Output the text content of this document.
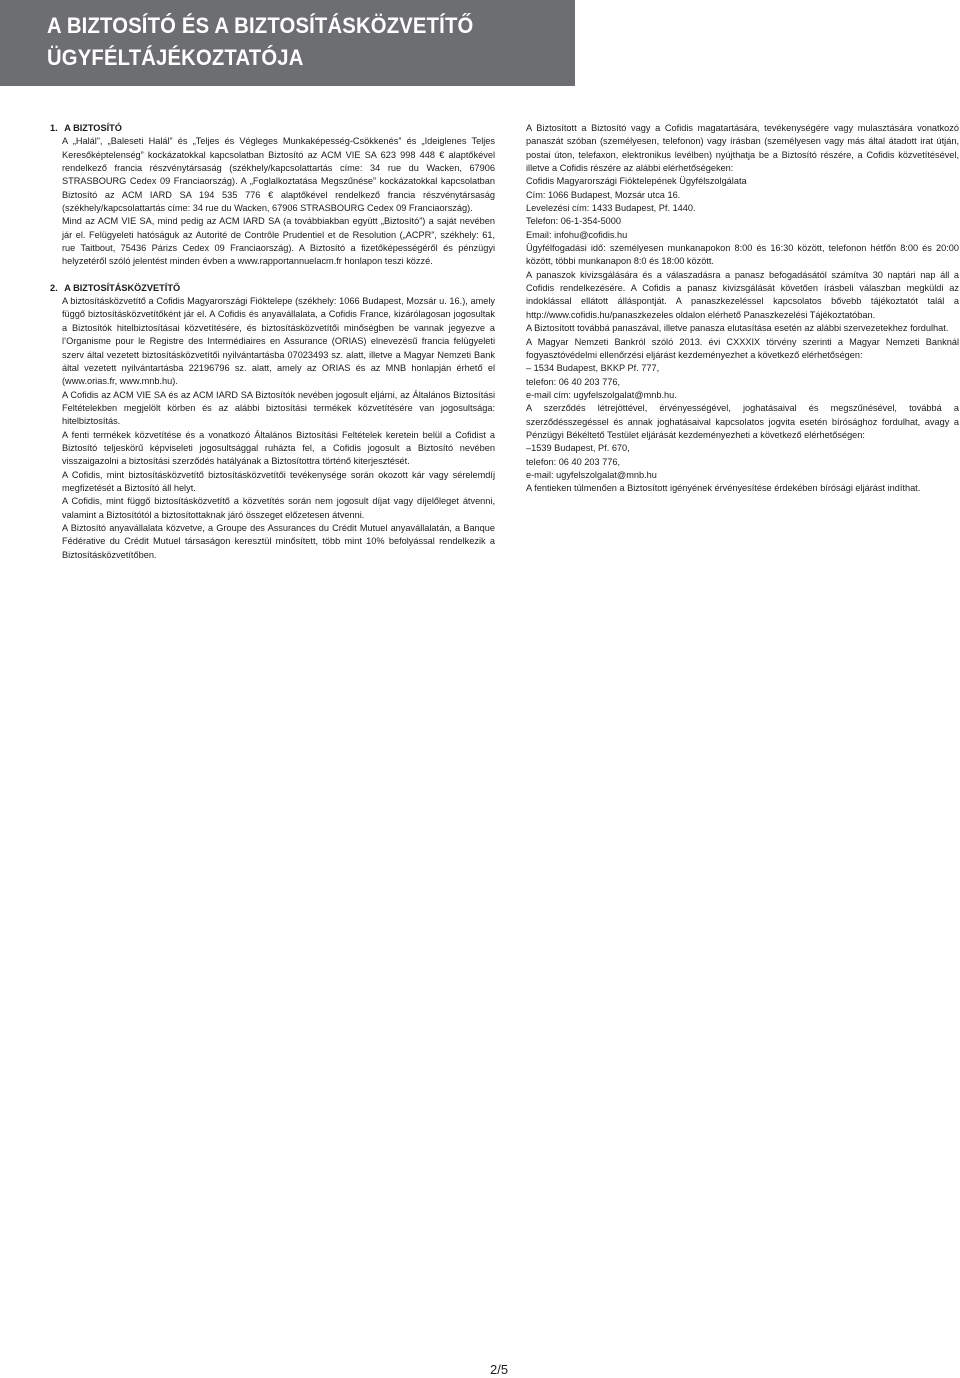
A BIZTOSÍTÓ ÉS A BIZTOSÍTÁSKÖZVETÍTŐ
ÜGYFÉLTÁJÉKOZTATÓJA

1. A BIZTOSÍTÓ

A „Halál”, „Baleseti Halál” és „Teljes és Végleges Munkaképesség-Csökkenés” és „Ideiglenes Teljes Keresőképtelenség” kockázatokkal kapcsolatban Biztosító az ACM VIE SA 623 998 448 € alaptőkével rendelkező francia részvénytársaság (székhely/kapcsolattartás címe: 34 rue du Wacken, 67906 STRASBOURG Cedex 09 Franciaország). A „Foglalkoztatása Megszűnése” kockázatokkal kapcsolatban Biztosító az ACM IARD SA 194 535 776 € alaptőkével rendelkező francia részvénytársaság (székhely/kapcsolattartás címe: 34 rue du Wacken, 67906 STRASBOURG Cedex 09 Franciaország).

Mind az ACM VIE SA, mind pedig az ACM IARD SA (a továbbiakban együtt „Biztosító”) a saját nevében jár el. Felügyeleti hatóságuk az Autorité de Contrôle Prudentiel et de Resolution („ACPR”, székhely: 61, rue Taitbout, 75436 Párizs Cedex 09 Franciaország). A Biztosító a fizetőképességéről és pénzügyi helyzetéről szóló jelentést minden évben a www.rapportannuelacm.fr honlapon teszi közzé.

2. A BIZTOSÍTÁSKÖZVETÍTŐ

A biztosításközvetítő a Cofidis Magyarországi Fióktelepe (székhely: 1066 Budapest, Mozsár u. 16.), amely függő biztosításközvetítőként jár el. A Cofidis és anyavállalata, a Cofidis France, kizárólagosan jogosultak a Biztosítók hitelbiztosításai közvetítésére, és biztosításközvetítői minőségben be vannak jegyezve a l’Organisme pour le Registre des Intermédiaires en Assurance (ORIAS) elnevezésű francia felügyeleti szerv által vezetett biztosításközvetítői nyilvántartásba 07023493 sz. alatt, illetve a Magyar Nemzeti Bank által vezetett nyilvántartásba 22196796 sz. alatt, amely az ORIAS és az MNB honlapján érhető el (www.orias.fr, www.mnb.hu).

A Cofidis az ACM VIE SA és az ACM IARD SA Biztosítók nevében jogosult eljárni, az Általános Biztosítási Feltételekben megjelölt körben és az alábbi biztosítási termékek közvetítésére van jogosultsága: hitelbiztosítás.

A fenti termékek közvetítése és a vonatkozó Általános Biztosítási Feltételek keretein belül a Cofidist a Biztosító teljeskörű képviseleti jogosultsággal ruházta fel, a Cofidis jogosult a Biztosító nevében visszaigazolni a biztosítási szerződés hatályának a Biztosítottra történő kiterjesztését.

A Cofidis, mint biztosításközvetítő biztosításközvetítői tevékenysége során okozott kár vagy sérelemdíj megfizetését a Biztosító áll helyt.

A Cofidis, mint függő biztosításközvetítő a közvetítés során nem jogosult díjat vagy díjelőleget átvenni, valamint a Biztosítótól a biztosítottaknak járó összeget előzetesen átvenni.

A Biztosító anyavállalata közvetve, a Groupe des Assurances du Crédit Mutuel anyavállalatán, a Banque Fédérative du Crédit Mutuel társaságon keresztül minősített, több mint 10% befolyással rendelkezik a Biztosításközvetítőben.

A Biztosított a Biztosító vagy a Cofidis magatartására, tevékenységére vagy mulasztására vonatkozó panaszát szóban (személyesen, telefonon) vagy írásban (személyesen vagy más által átadott irat útján, postai úton, telefaxon, elektronikus levélben) nyújthatja be a Biztosító részére, a Cofidis közvetítésével, illetve a Cofidis részére az alábbi elérhetőségeken:

Cofidis Magyarországi Fióktelepének Ügyfélszolgálata

Cím: 1066 Budapest, Mozsár utca 16.

Levelezési cím: 1433 Budapest, Pf. 1440.

Telefon: 06-1-354-5000

Email: infohu@cofidis.hu

Ügyfélfogadási idő: személyesen munkanapokon 8:00 és 16:30 között, telefonon hétfőn 8:00 és 20:00 között, többi munkanapon 8:0 és 18:00 között.

A panaszok kivizsgálására és a válaszadásra a panasz befogadásától számítva 30 naptári nap áll a Cofidis rendelkezésére. A Cofidis a panasz kivizsgálását követően írásbeli válaszban megküldi az indoklással ellátott álláspontját. A panaszkezeléssel kapcsolatos bővebb tájékoztatót talál a http://www.cofidis.hu/panaszkezeles oldalon elérhető Panaszkezelési Tájékoztatóban.

A Biztosított továbbá panaszával, illetve panasza elutasítása esetén az alábbi szervezetekhez fordulhat.

A Magyar Nemzeti Bankról szóló 2013. évi CXXXIX törvény szerinti a Magyar Nemzeti Banknál fogyasztóvédelmi ellenőrzési eljárást kezdeményezhet a következő elérhetőségen:

– 1534 Budapest, BKKP Pf. 777,

telefon: 06 40 203 776,

e-mail cím: ugyfelszolgalat@mnb.hu.

A szerződés létrejöttével, érvényességével, joghatásaival és megszűnésével, továbbá a szerződésszegéssel és annak joghatásaival kapcsolatos jogvita esetén bírósághoz fordulhat, avagy a Pénzügyi Békéltető Testület eljárását kezdeményezheti a következő elérhetőségen:

–1539 Budapest, Pf. 670,

telefon: 06 40 203 776,

e-mail: ugyfelszolgalat@mnb.hu

A fentieken túlmenően a Biztosított igényének érvényesítése érdekében bírósági eljárást indíthat.

2/5
